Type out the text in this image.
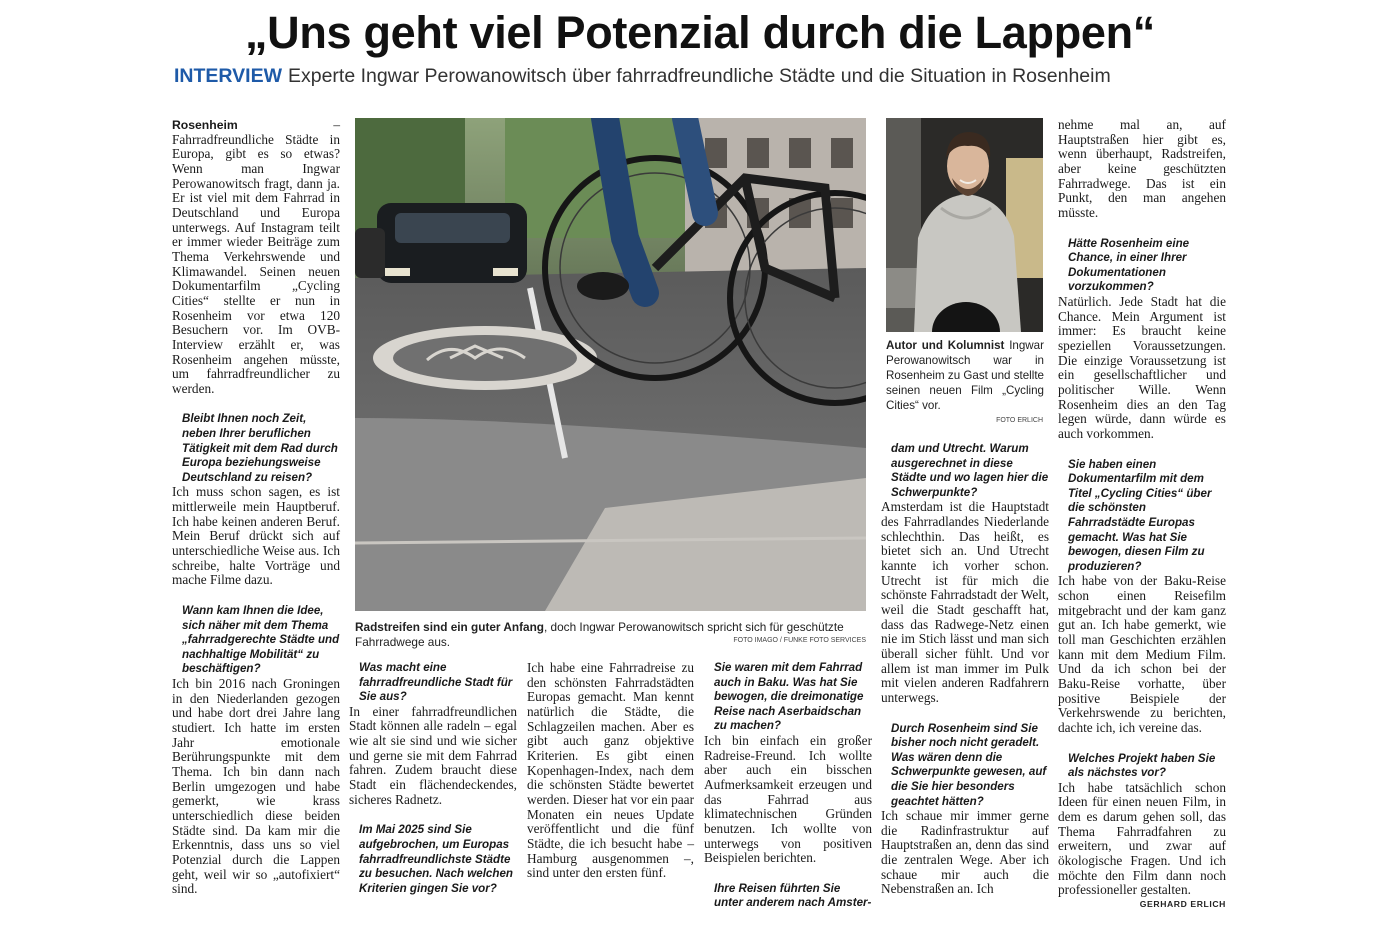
„Uns geht viel Potenzial durch die Lappen“
INTERVIEW Experte Ingwar Perowanowitsch über fahrradfreundliche Städte und die Situation in Rosenheim

Rosenheim – Fahrradfreundliche Städte in Europa, gibt es so etwas? Wenn man Ingwar Perowanowitsch fragt, dann ja. Er ist viel mit dem Fahrrad in Deutschland und Europa unterwegs. Auf Instagram teilt er immer wieder Beiträge zum Thema Verkehrswende und Klimawandel. Seinen neuen Dokumentarfilm „Cycling Cities“ stellte er nun in Rosenheim vor etwa 120 Besuchern vor. Im OVB-Interview erzählt er, was Rosenheim angehen müsste, um fahrradfreundlicher zu werden.

Bleibt Ihnen noch Zeit, neben Ihrer beruflichen Tätigkeit mit dem Rad durch Europa beziehungsweise Deutschland zu reisen?

Ich muss schon sagen, es ist mittlerweile mein Hauptberuf. Ich habe keinen anderen Beruf. Mein Beruf drückt sich auf unterschiedliche Weise aus. Ich schreibe, halte Vorträge und mache Filme dazu.

Wann kam Ihnen die Idee, sich näher mit dem Thema „fahrradgerechte Städte und nachhaltige Mobilität“ zu beschäftigen?

Ich bin 2016 nach Groningen in den Niederlanden gezogen und habe dort drei Jahre lang studiert. Ich hatte im ersten Jahr emotionale Berührungspunkte mit dem Thema. Ich bin dann nach Berlin umgezogen und habe gemerkt, wie krass unterschiedlich diese beiden Städte sind. Da kam mir die Erkenntnis, dass uns so viel Potenzial durch die Lappen geht, weil wir so „autofixiert“ sind.

Radstreifen sind ein guter Anfang, doch Ingwar Perowanowitsch spricht sich für geschützte Fahrradwege aus.	FOTO IMAGO / FUNKE FOTO SERVICES

Was macht eine fahrradfreundliche Stadt für Sie aus?

In einer fahrradfreundlichen Stadt können alle radeln – egal wie alt sie sind und wie sicher und gerne sie mit dem Fahrrad fahren. Zudem braucht diese Stadt ein flächendeckendes, sicheres Radnetz.

Im Mai 2025 sind Sie aufgebrochen, um Europas fahrradfreundlichste Städte zu besuchen. Nach welchen Kriterien gingen Sie vor?

Ich habe eine Fahrradreise zu den schönsten Fahrradstädten Europas gemacht. Man kennt natürlich die Städte, die Schlagzeilen machen. Aber es gibt auch ganz objektive Kriterien. Es gibt einen Kopenhagen-Index, nach dem die schönsten Städte bewertet werden. Dieser hat vor ein paar Monaten ein neues Update veröffentlicht und die fünf Städte, die ich besucht habe – Hamburg ausgenommen –, sind unter den ersten fünf.

Sie waren mit dem Fahrrad auch in Baku. Was hat Sie bewogen, die dreimonatige Reise nach Aserbaidschan zu machen?

Ich bin einfach ein großer Radreise-Freund. Ich wollte aber auch ein bisschen Aufmerksamkeit erzeugen und das Fahrrad aus klimatechnischen Gründen benutzen. Ich wollte von unterwegs von positiven Beispielen berichten.

Ihre Reisen führten Sie unter anderem nach Amster-

Autor und Kolumnist Ingwar Perowanowitsch war in Rosenheim zu Gast und stellte seinen neuen Film „Cycling Cities“ vor.
FOTO ERLICH

dam und Utrecht. Warum ausgerechnet in diese Städte und wo lagen hier die Schwerpunkte?

Amsterdam ist die Hauptstadt des Fahrradlandes Niederlande schlechthin. Das heißt, es bietet sich an. Und Utrecht kannte ich vorher schon. Utrecht ist für mich die schönste Fahrradstadt der Welt, weil die Stadt geschafft hat, dass das Radwege-Netz einen nie im Stich lässt und man sich überall sicher fühlt. Und vor allem ist man immer im Pulk mit vielen anderen Radfahrern unterwegs.

Durch Rosenheim sind Sie bisher noch nicht geradelt. Was wären denn die Schwerpunkte gewesen, auf die Sie hier besonders geachtet hätten?

Ich schaue mir immer gerne die Radinfrastruktur auf Hauptstraßen an, denn das sind die zentralen Wege. Aber ich schaue mir auch die Nebenstraßen an. Ich

nehme mal an, auf Hauptstraßen hier gibt es, wenn überhaupt, Radstreifen, aber keine geschützten Fahrradwege. Das ist ein Punkt, den man angehen müsste.

Hätte Rosenheim eine Chance, in einer Ihrer Dokumentationen vorzukommen?

Natürlich. Jede Stadt hat die Chance. Mein Argument ist immer: Es braucht keine speziellen Voraussetzungen. Die einzige Voraussetzung ist ein gesellschaftlicher und politischer Wille. Wenn Rosenheim dies an den Tag legen würde, dann würde es auch vorkommen.

Sie haben einen Dokumentarfilm mit dem Titel „Cycling Cities“ über die schönsten Fahrradstädte Europas gemacht. Was hat Sie bewogen, diesen Film zu produzieren?

Ich habe von der Baku-Reise schon einen Reisefilm mitgebracht und der kam ganz gut an. Ich habe gemerkt, wie toll man Geschichten erzählen kann mit dem Medium Film. Und da ich schon bei der Baku-Reise vorhatte, über positive Beispiele der Verkehrswende zu berichten, dachte ich, ich vereine das.

Welches Projekt haben Sie als nächstes vor?

Ich habe tatsächlich schon Ideen für einen neuen Film, in dem es darum gehen soll, das Thema Fahrradfahren zu erweitern, und zwar auf ökologische Fragen. Und ich möchte den Film dann noch professioneller gestalten.

GERHARD ERLICH
